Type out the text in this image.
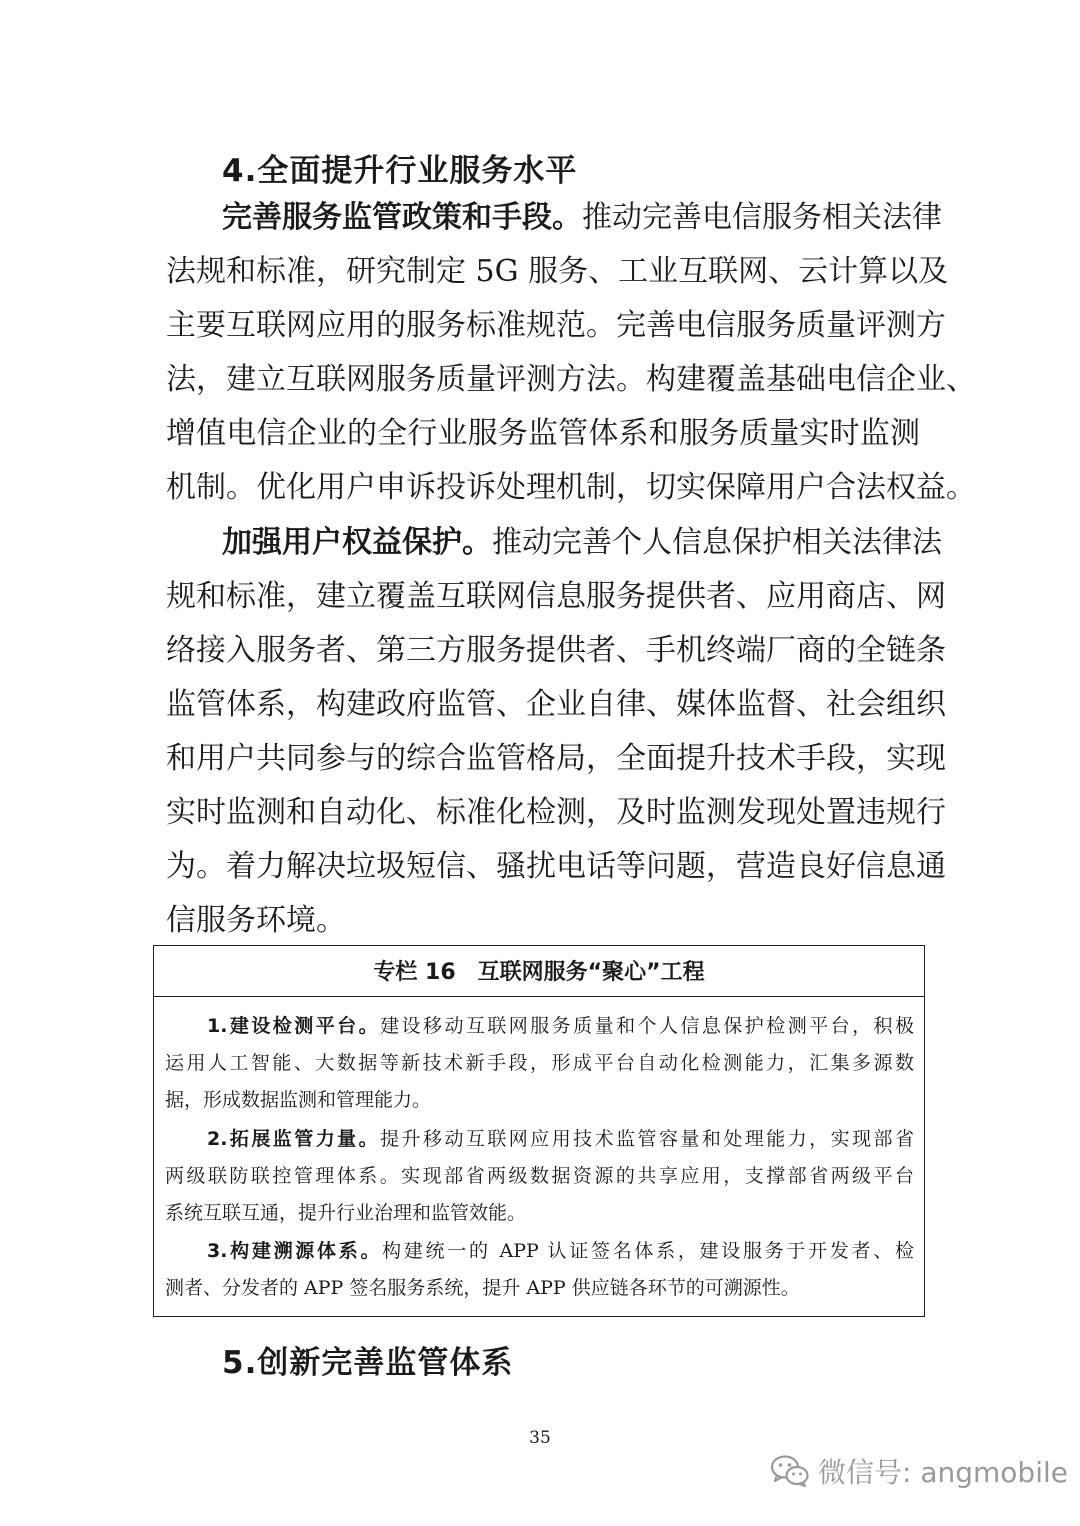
4.全面提升行业服务水平
完善服务监管政策和手段。推动完善电信服务相关法律
法规和标准，研究制定 5G 服务、工业互联网、云计算以及
主要互联网应用的服务标准规范。完善电信服务质量评测方
法，建立互联网服务质量评测方法。构建覆盖基础电信企业、
增值电信企业的全行业服务监管体系和服务质量实时监测
机制。优化用户申诉投诉处理机制，切实保障用户合法权益。
加强用户权益保护。推动完善个人信息保护相关法律法
规和标准，建立覆盖互联网信息服务提供者、应用商店、网
络接入服务者、第三方服务提供者、手机终端厂商的全链条
监管体系，构建政府监管、企业自律、媒体监督、社会组织
和用户共同参与的综合监管格局，全面提升技术手段，实现
实时监测和自动化、标准化检测，及时监测发现处置违规行
为。着力解决垃圾短信、骚扰电话等问题，营造良好信息通
信服务环境。
专栏 16　互联网服务“聚心”工程
1.建设检测平台。建设移动互联网服务质量和个人信息保护检测平台，积极
运用人工智能、大数据等新技术新手段，形成平台自动化检测能力，汇集多源数
据，形成数据监测和管理能力。
2.拓展监管力量。提升移动互联网应用技术监管容量和处理能力，实现部省
两级联防联控管理体系。实现部省两级数据资源的共享应用，支撑部省两级平台
系统互联互通，提升行业治理和监管效能。
3.构建溯源体系。构建统一的 APP 认证签名体系，建设服务于开发者、检
测者、分发者的 APP 签名服务系统，提升 APP 供应链各环节的可溯源性。
5.创新完善监管体系
35
微信号: angmobile
